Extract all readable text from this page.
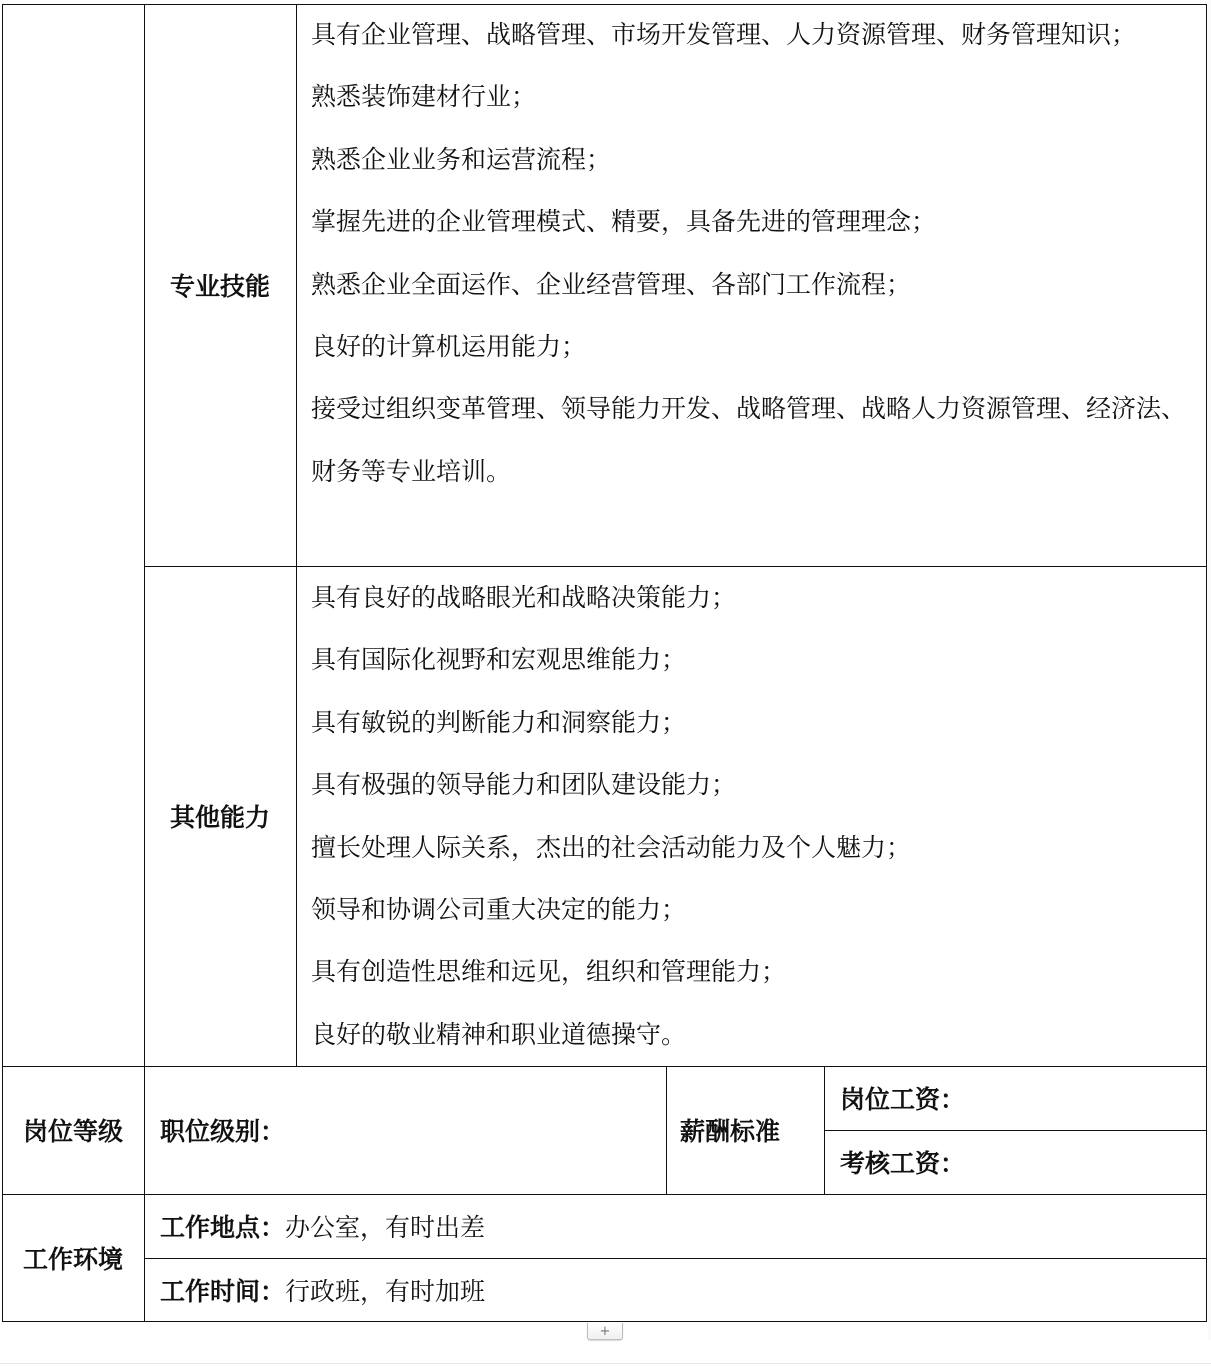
专业技能
具有企业管理、战略管理、市场开发管理、人力资源管理、财务管理知识；
熟悉装饰建材行业；
熟悉企业业务和运营流程；
掌握先进的企业管理模式、精要，具备先进的管理理念；
熟悉企业全面运作、企业经营管理、各部门工作流程；
良好的计算机运用能力；
接受过组织变革管理、领导能力开发、战略管理、战略人力资源管理、经济法、财务等专业培训。
其他能力
具有良好的战略眼光和战略决策能力；
具有国际化视野和宏观思维能力；
具有敏锐的判断能力和洞察能力；
具有极强的领导能力和团队建设能力；
擅长处理人际关系，杰出的社会活动能力及个人魅力；
领导和协调公司重大决定的能力；
具有创造性思维和远见，组织和管理能力；
良好的敬业精神和职业道德操守。
岗位等级	职位级别：	薪酬标准
岗位工资：
考核工资：
工作环境
工作地点： 办公室，有时出差
工作时间： 行政班，有时加班
+
